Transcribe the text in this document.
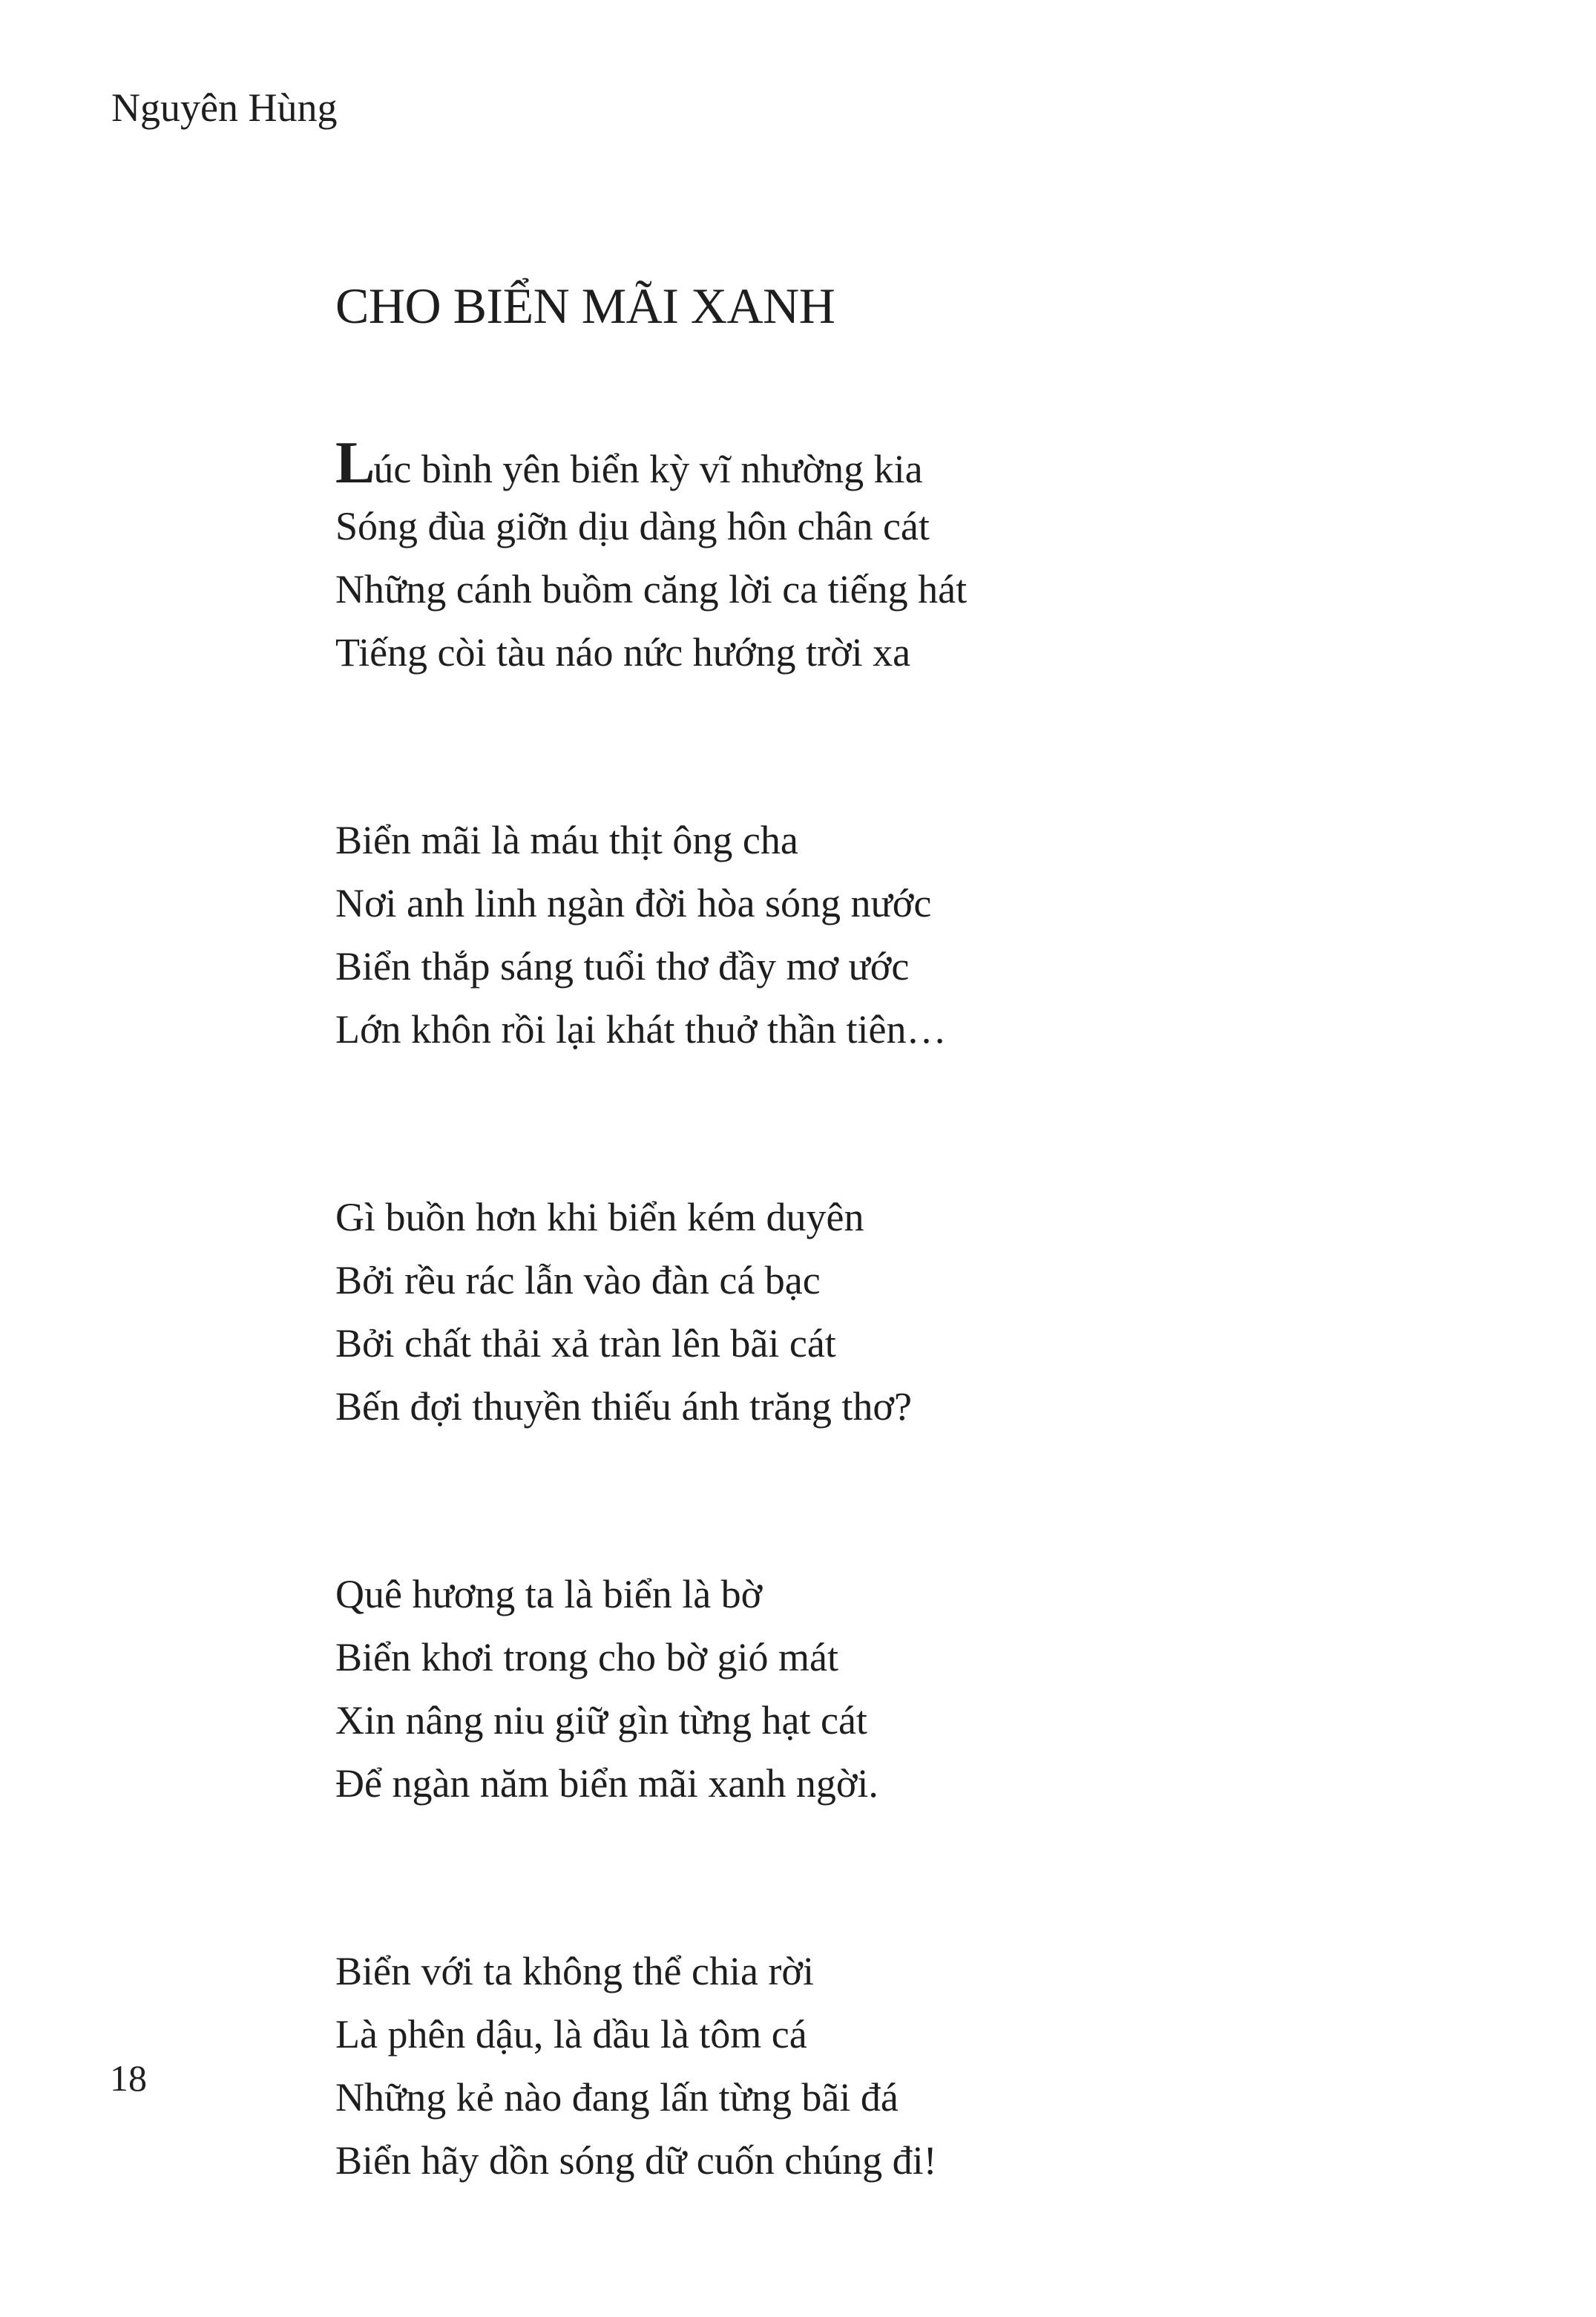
Nguyên Hùng
CHO BIỂN MÃI XANH
Lúc bình yên biển kỳ vĩ nhường kia
Sóng đùa giỡn dịu dàng hôn chân cát
Những cánh buồm căng lời ca tiếng hát
Tiếng còi tàu náo nức hướng trời xa
Biển mãi là máu thịt ông cha
Nơi anh linh ngàn đời hòa sóng nước
Biển thắp sáng tuổi thơ đầy mơ ước
Lớn khôn rồi lại khát thuở thần tiên…
Gì buồn hơn khi biển kém duyên
Bởi rều rác lẫn vào đàn cá bạc
Bởi chất thải xả tràn lên bãi cát
Bến đợi thuyền thiếu ánh trăng thơ?
Quê hương ta là biển là bờ
Biển khơi trong cho bờ gió mát
Xin nâng niu giữ gìn từng hạt cát
Để ngàn năm biển mãi xanh ngời.
Biển với ta không thể chia rời
Là phên dậu, là dầu là tôm cá
Những kẻ nào đang lấn từng bãi đá
Biển hãy dồn sóng dữ cuốn chúng đi!
18
